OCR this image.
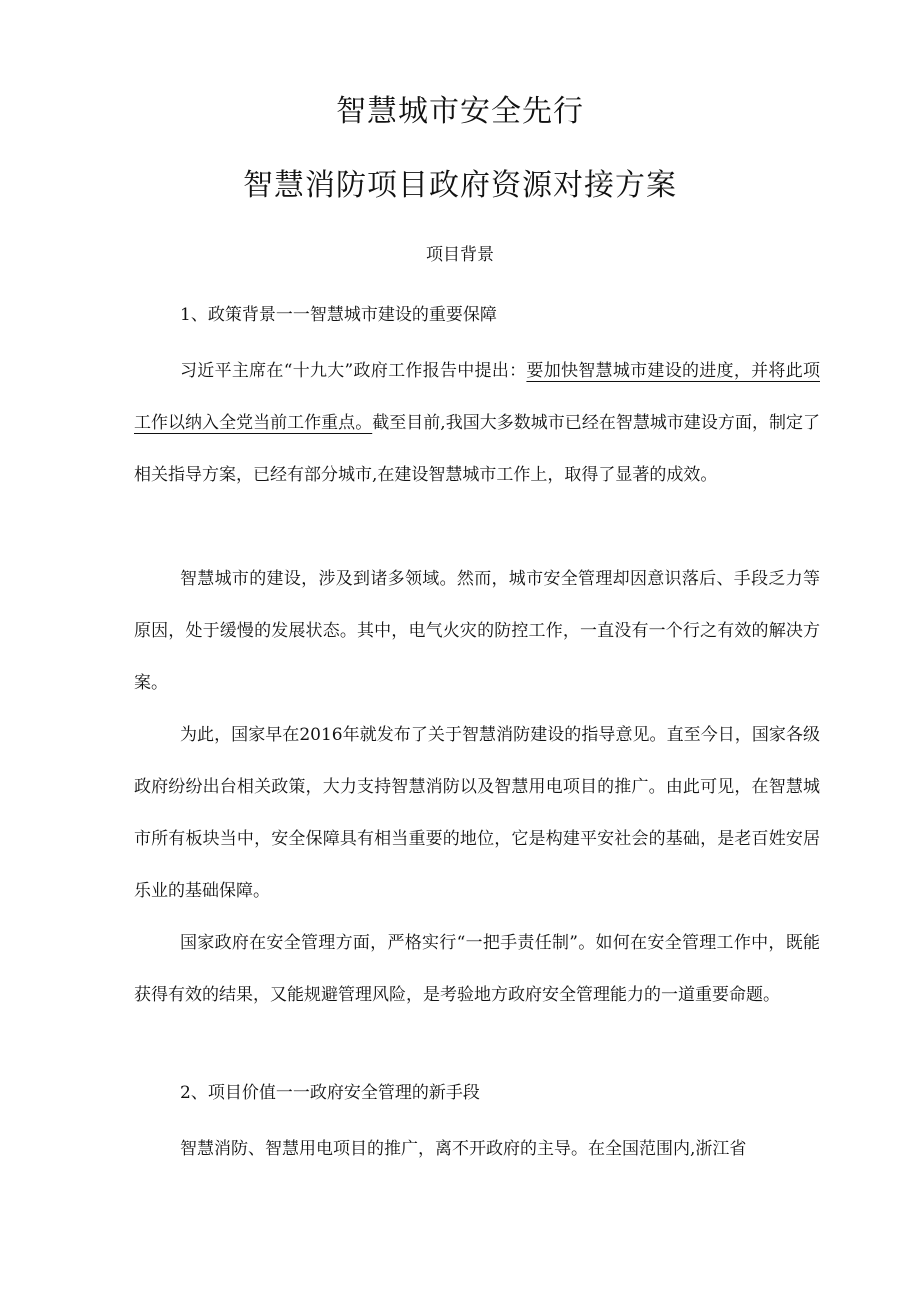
智慧城市安全先行
智慧消防项目政府资源对接方案
项目背景
1、政策背景一一智慧城市建设的重要保障
习近平主席在“十九大”政府工作报告中提出：要加快智慧城市建设的进度，并将此项工作以纳入全党当前工作重点。截至目前,我国大多数城市已经在智慧城市建设方面，制定了相关指导方案，已经有部分城市,在建设智慧城市工作上，取得了显著的成效。
智慧城市的建设，涉及到诸多领域。然而，城市安全管理却因意识落后、手段乏力等原因，处于缓慢的发展状态。其中，电气火灾的防控工作，一直没有一个行之有效的解决方案。
为此，国家早在2016年就发布了关于智慧消防建设的指导意见。直至今日，国家各级政府纷纷出台相关政策，大力支持智慧消防以及智慧用电项目的推广。由此可见，在智慧城市所有板块当中，安全保障具有相当重要的地位，它是构建平安社会的基础，是老百姓安居乐业的基础保障。
国家政府在安全管理方面，严格实行“一把手责任制”。如何在安全管理工作中，既能获得有效的结果，又能规避管理风险，是考验地方政府安全管理能力的一道重要命题。
2、项目价值一一政府安全管理的新手段
智慧消防、智慧用电项目的推广，离不开政府的主导。在全国范围内,浙江省
